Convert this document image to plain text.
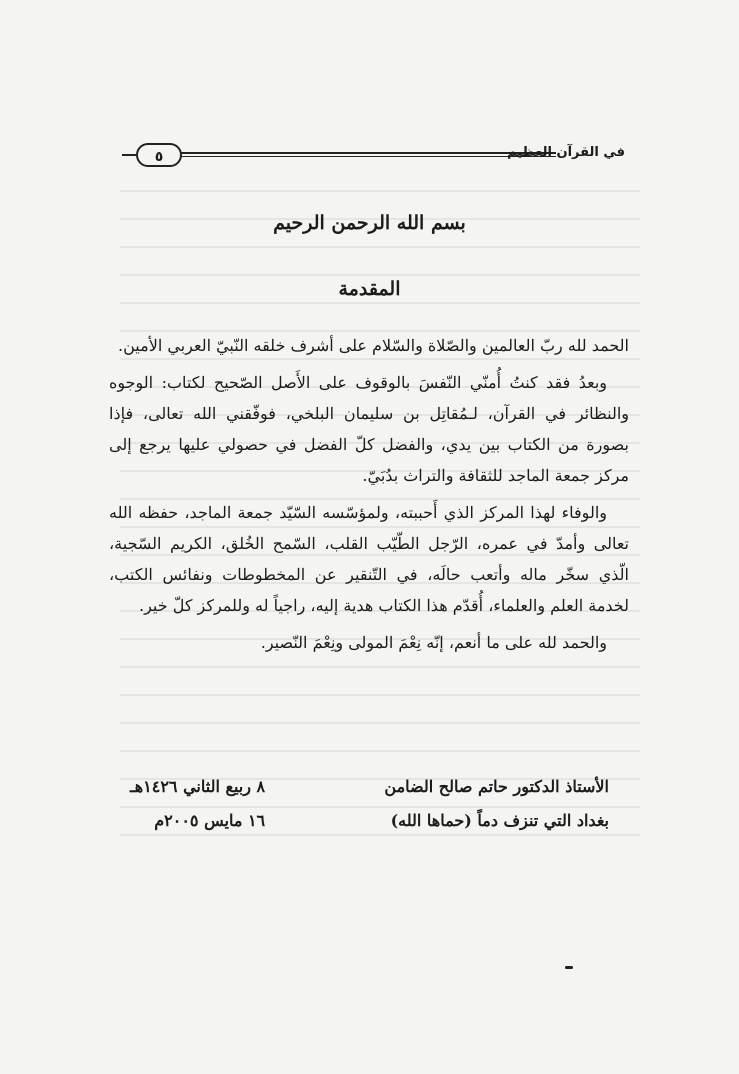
في القرآن العظيم
٥
بسم الله الرحمن الرحيم
المقدمة

الحمد لله ربّ العالمين والصّلاة والسّلام على أشرف خلقه النّبيّ العربي الأمين.

وبعدُ فقد كنتُ أُمنّي النّفسَ بالوقوف على الأَصل الصّحيح لكتاب: الوجوه والنظائر في القرآن، لـمُقاتِل بن سليمان البلخي، فوفّقني الله تعالى، فإذا بصورة من الكتاب بين يدي، والفضل كلّ الفضل في حصولي عليها يرجع إلى مركز جمعة الماجد للثقافة والتراث بدُبَيّ.

والوفاء لهذا المركز الذي أَحببته، ولمؤسّسه السّيّد جمعة الماجد، حفظه الله تعالى وأمدّ في عمره، الرّجل الطّيّب القلب، السّمح الخُلق، الكريم السّجية، الّذي سخّر ماله وأتعب حالَه، في التّنقير عن المخطوطات ونفائس الكتب، لخدمة العلم والعلماء، أُقدّم هذا الكتاب هدية إليه، راجياً له وللمركز كلّ خير.

والحمد لله على ما أنعم، إنّه نِعْمَ المولى ونِعْمَ النّصير.

الأستاذ الدكتور حاتم صالح الضامن
بغداد التي تنزف دماً (حماها الله)
٨ ربيع الثاني ١٤٢٦هـ
١٦ مايس ٢٠٠٥م
